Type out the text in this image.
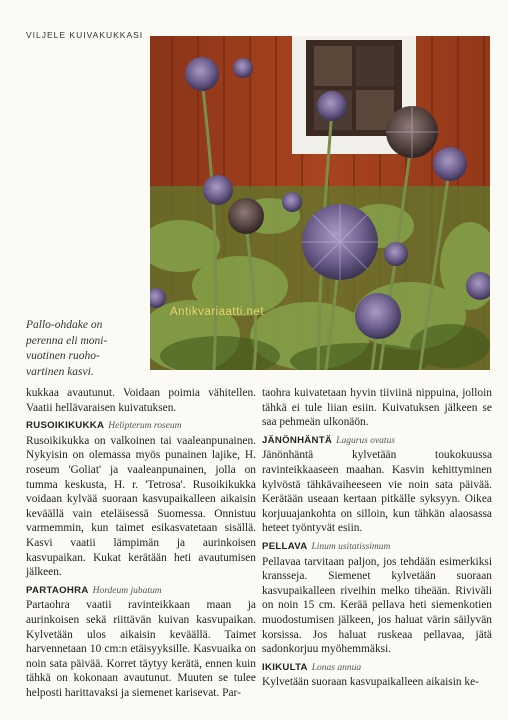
VILJELE KUIVAKUKKASI
Antikvariaatti.net
Pallo-ohdake on perenna eli moni-vuotinen ruoho-vartinen kasvi.

kukkaa avautunut. Voidaan poimia vähitellen. Vaatii hellävaraisen kuivatuksen.

RUSOIKIKUKKA Helipterum roseum

Rusoikikukka on valkoinen tai vaaleanpunainen. Nykyisin on olemassa myös punainen lajike, H. roseum 'Goliat' ja vaaleanpunainen, jolla on tumma keskusta, H. r. 'Tetrosa'. Rusoikikukka voidaan kylvää suoraan kasvupaikalleen aikaisin keväällä vain eteläisessä Suomessa. Onnistuu varmemmin, kun taimet esikasvatetaan sisällä. Kasvi vaatii lämpimän ja aurinkoisen kasvupaikan. Kukat kerätään heti avautumisen jälkeen.

PARTAOHRA Hordeum jubatum

Partaohra vaatii ravinteikkaan maan ja aurinkoisen sekä riittävän kuivan kasvupaikan. Kylvetään ulos aikaisin keväällä. Taimet harvennetaan 10 cm:n etäisyyksille. Kasvuaika on noin sata päivää. Korret täytyy kerätä, ennen kuin tähkä on kokonaan avautunut. Muuten se tulee helposti harittavaksi ja siemenet karisevat. Par-

taohra kuivatetaan hyvin tiiviinä nippuina, jolloin tähkä ei tule liian esiin. Kuivatuksen jälkeen se saa pehmeän ulkonäön.

JÄNÖNHÄNTÄ Lagurus ovatus

Jänönhäntä kylvetään toukokuussa ravinteikkaaseen maahan. Kasvin kehittyminen kylvöstä tähkävaiheeseen vie noin sata päivää. Kerätään useaan kertaan pitkälle syksyyn. Oikea korjuuajankohta on silloin, kun tähkän alaosassa heteet työntyvät esiin.

PELLAVA Linum usitatissimum

Pellavaa tarvitaan paljon, jos tehdään esimerkiksi kransseja. Siemenet kylvetään suoraan kasvupaikalleen riveihin melko tiheään. Riviväli on noin 15 cm. Kerää pellava heti siemenkotien muodostumisen jälkeen, jos haluat värin säilyvän korsissa. Jos haluat ruskeaa pellavaa, jätä sadonkorjuu myöhemmäksi.

IKIKULTA Lonas annua

Kylvetään suoraan kasvupaikalleen aikaisin ke-
